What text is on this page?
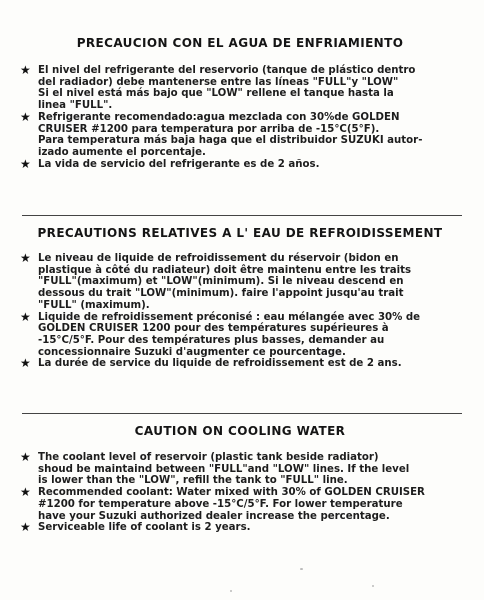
PRECAUCION CON EL AGUA DE ENFRIAMIENTO
★ El nivel del refrigerante del reservorio (tanque de plástico dentro
del radiador) debe mantenerse entre las líneas "FULL"y "LOW"
Si el nivel está más bajo que "LOW" rellene el tanque hasta la
linea "FULL".

★ Refrigerante recomendado:agua mezclada con 30%de GOLDEN
CRUISER #1200 para temperatura por arriba de -15°C(5°F).
Para temperatura más baja haga que el distribuidor SUZUKI autor-
izado aumente el porcentaje.

★ La vida de servicio del refrigerante es de 2 años.

PRECAUTIONS RELATIVES A L' EAU DE REFROIDISSEMENT
★ Le niveau de liquide de refroidissement du réservoir (bidon en
plastique à côté du radiateur) doit être maintenu entre les traits
"FULL"(maximum) et "LOW"(minimum). Si le niveau descend en
dessous du trait "LOW"(minimum). faire l'appoint jusqu'au trait
"FULL" (maximum).

★ Liquide de refroidissement préconisé : eau mélangée avec 30% de
GOLDEN CRUISER 1200 pour des températures supérieures à
-15°C/5°F. Pour des températures plus basses, demander au
concessionnaire Suzuki d'augmenter ce pourcentage.

★ La durée de service du liquide de refroidissement est de 2 ans.

CAUTION ON COOLING WATER
★ The coolant level of reservoir (plastic tank beside radiator)
shoud be maintaind between "FULL"and "LOW" lines. If the level
is lower than the "LOW", refill the tank to "FULL" line.

★ Recommended coolant: Water mixed with 30% of GOLDEN CRUISER
#1200 for temperature above -15°C/5°F. For lower temperature
have your Suzuki authorized dealer increase the percentage.

★ Serviceable life of coolant is 2 years.
